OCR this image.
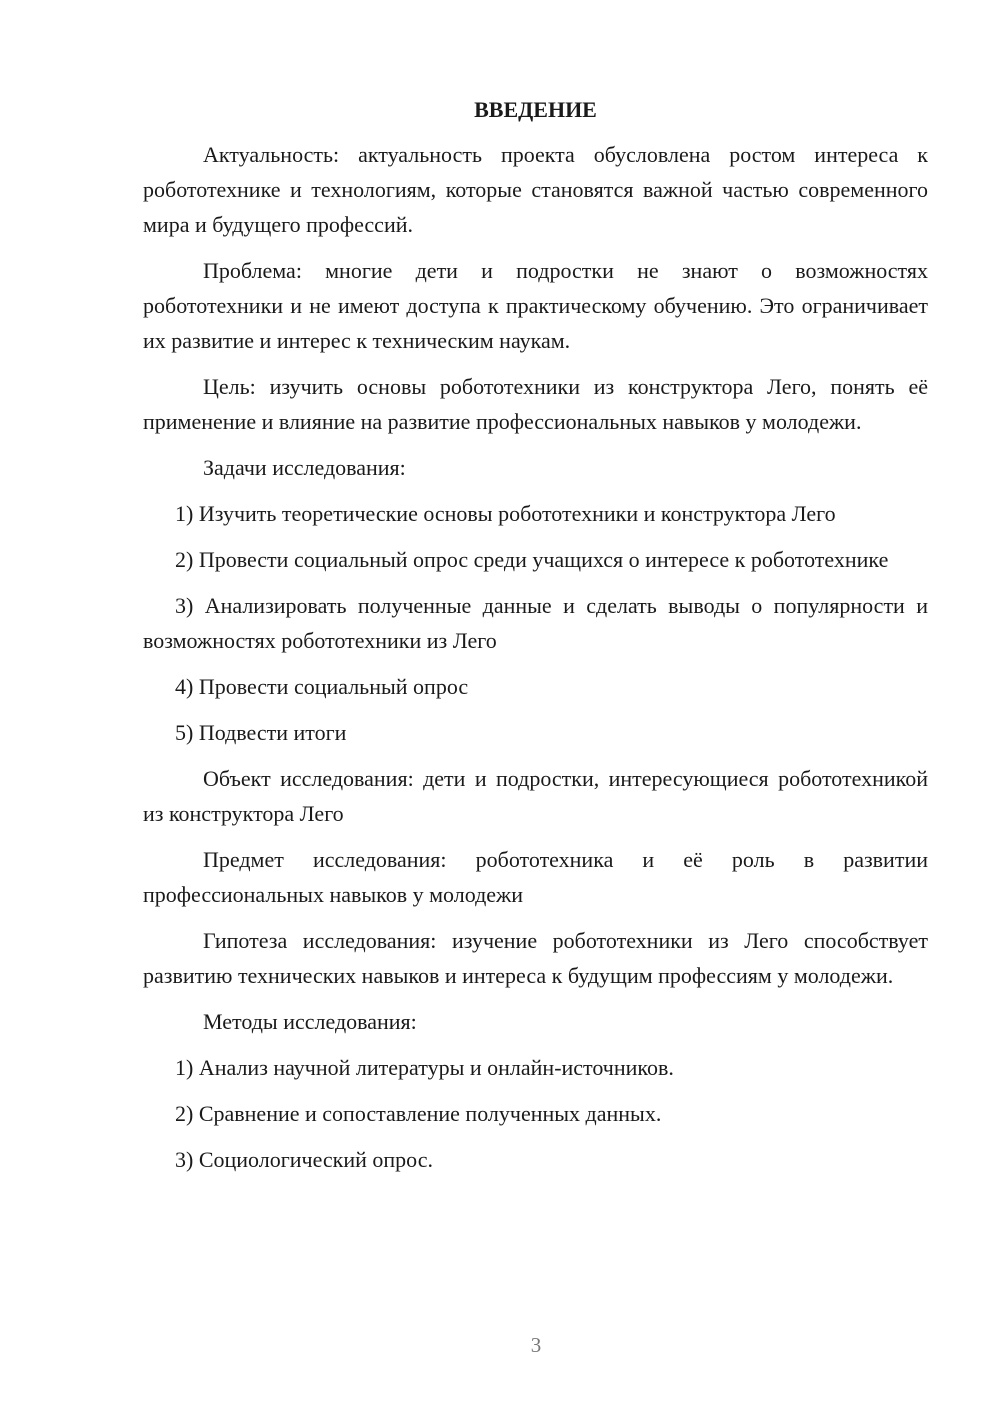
ВВЕДЕНИЕ
Актуальность: актуальность проекта обусловлена ростом интереса к робототехнике и технологиям, которые становятся важной частью современного мира и будущего профессий.
Проблема: многие дети и подростки не знают о возможностях робототехники и не имеют доступа к практическому обучению. Это ограничивает их развитие и интерес к техническим наукам.
Цель: изучить основы робототехники из конструктора Лего, понять её применение и влияние на развитие профессиональных навыков у молодежи.
Задачи исследования:
1) Изучить теоретические основы робототехники и конструктора Лего
2) Провести социальный опрос среди учащихся о интересе к робототехнике
3) Анализировать полученные данные и сделать выводы о популярности и возможностях робототехники из Лего
4) Провести социальный опрос
5) Подвести итоги
Объект исследования: дети и подростки, интересующиеся робототехникой из конструктора Лего
Предмет исследования: робототехника и её роль в развитии профессиональных навыков у молодежи
Гипотеза исследования: изучение робототехники из Лего способствует развитию технических навыков и интереса к будущим профессиям у молодежи.
Методы исследования:
1) Анализ научной литературы и онлайн-источников.
2) Сравнение и сопоставление полученных данных.
3) Социологический опрос.
3
